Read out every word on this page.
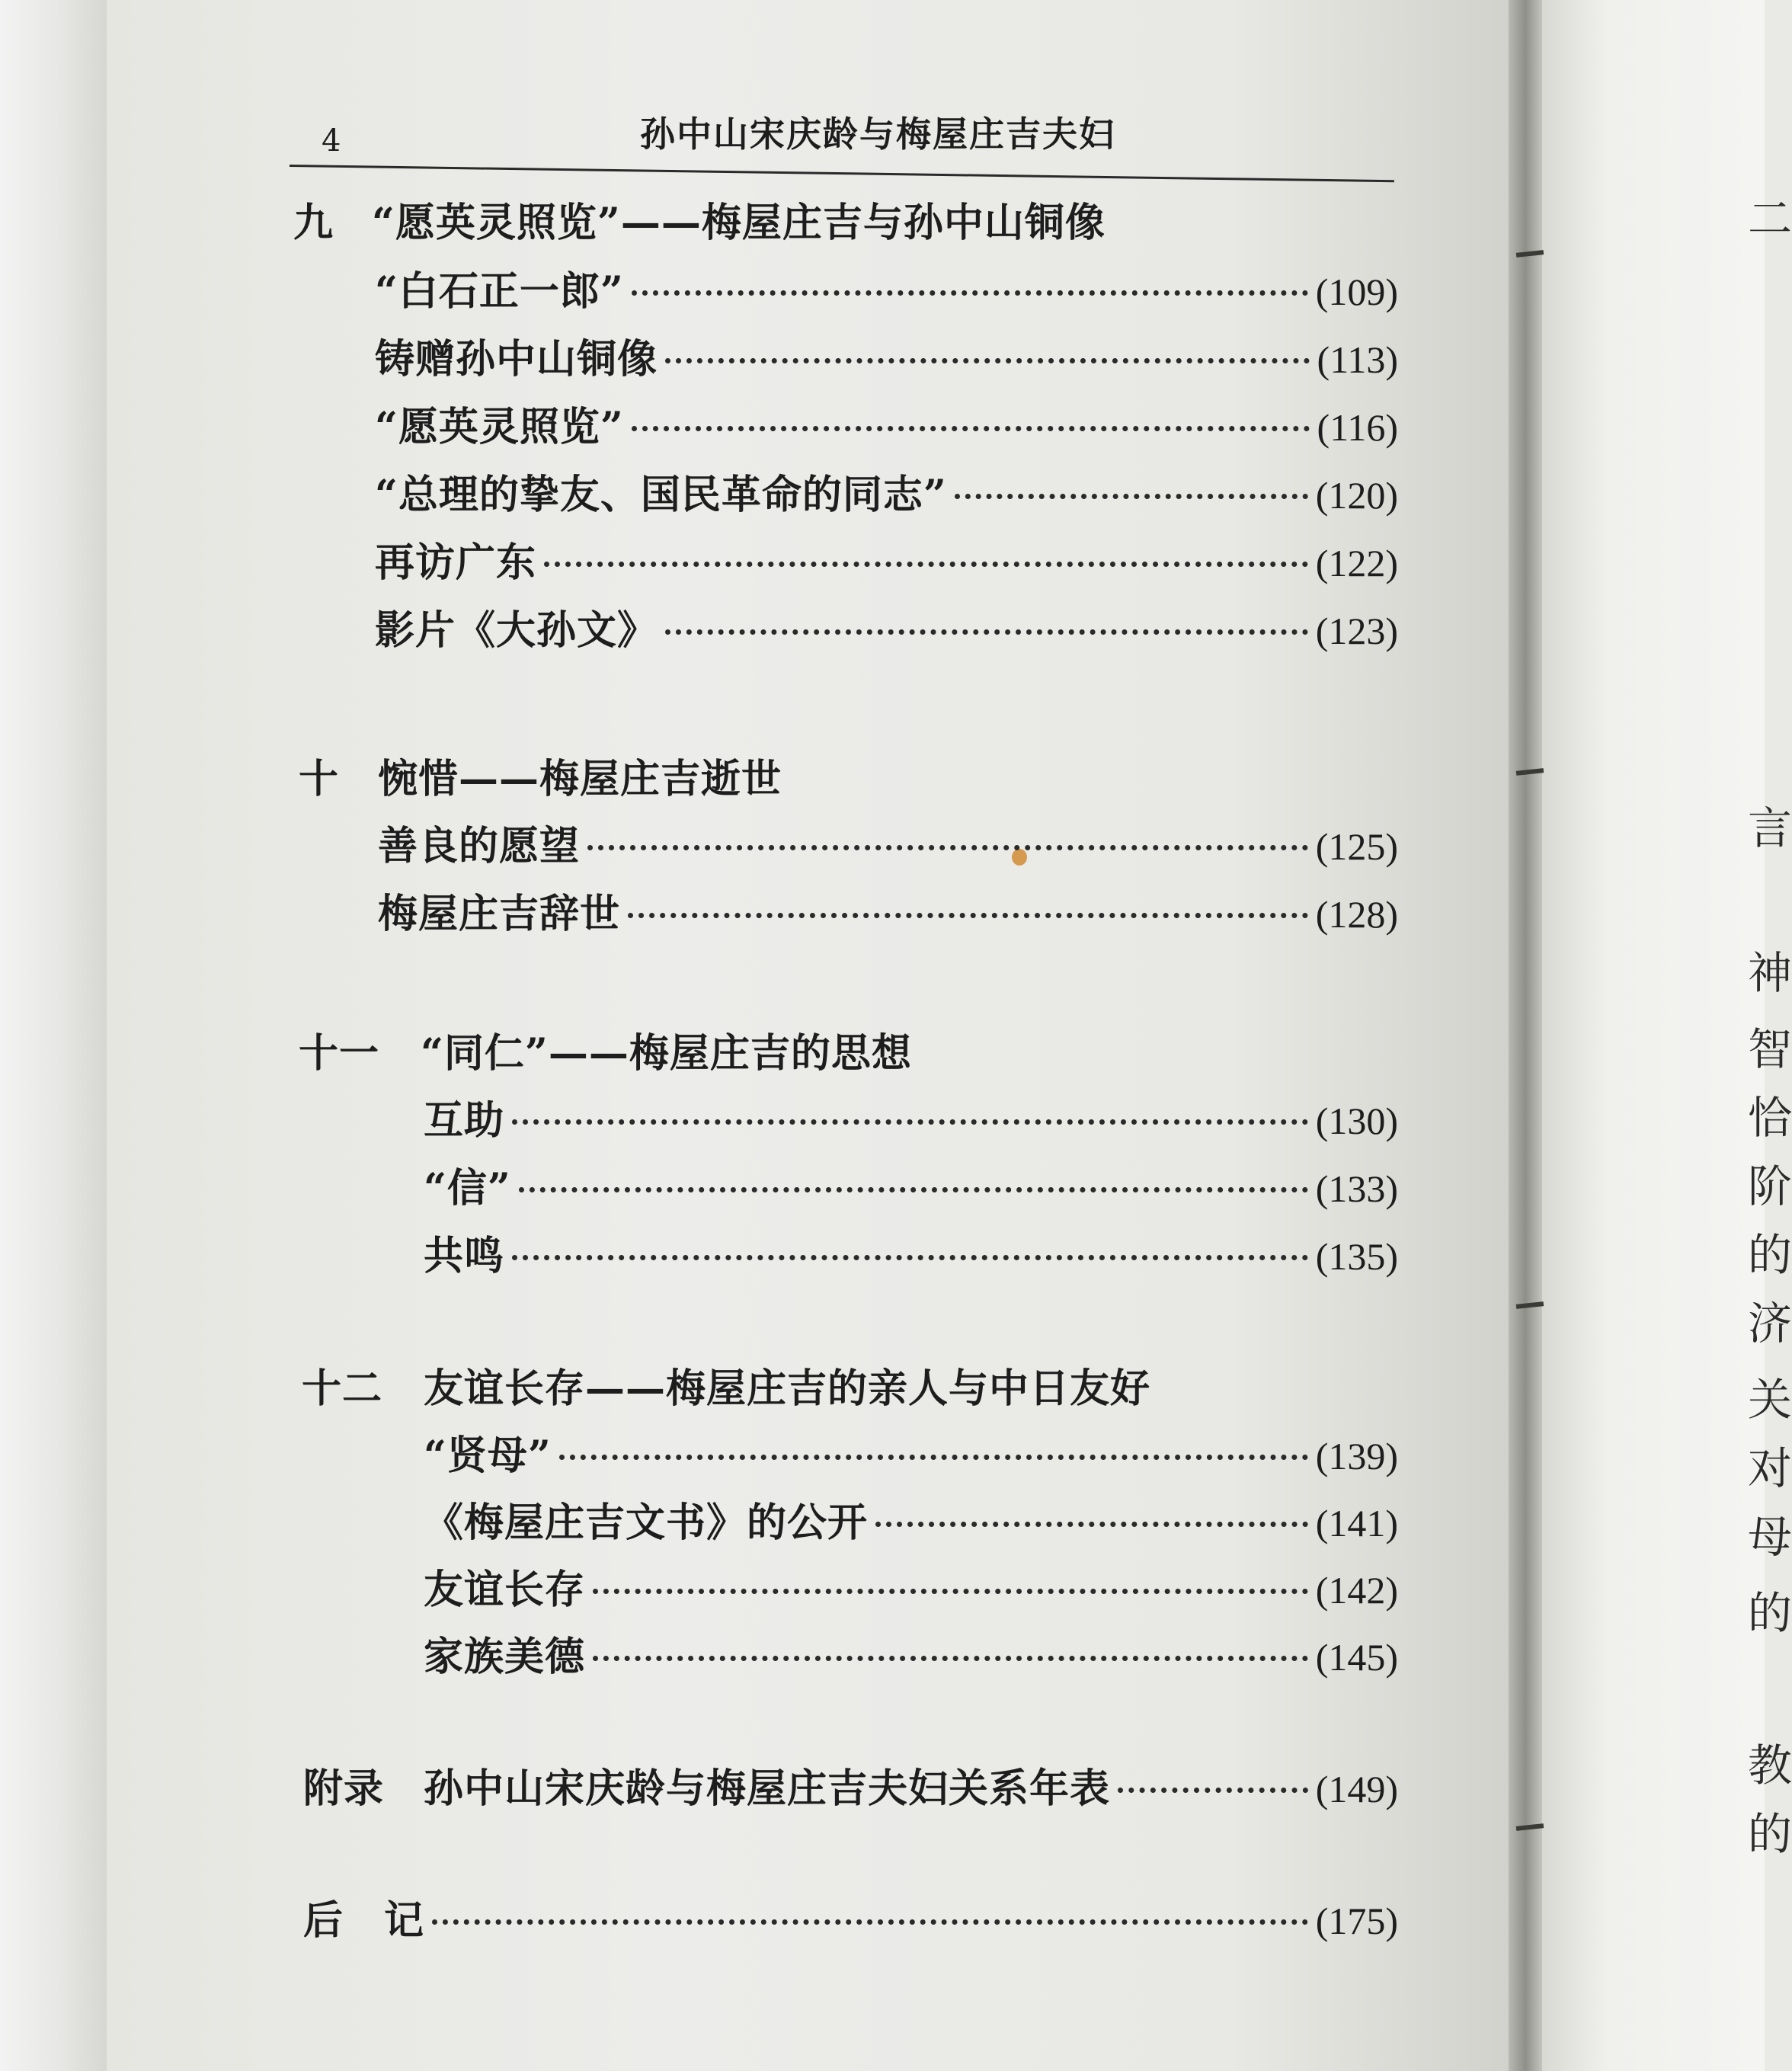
二
言
神
智
恰
阶
的
济
关
对
母
的
教
的
4	孙中山宋庆龄与梅屋庄吉夫妇
九 “愿英灵照览”——梅屋庄吉与孙中山铜像
“白石正一郎”	(109)
铸赠孙中山铜像	(113)
“愿英灵照览”	(116)
“总理的挚友、国民革命的同志”	(120)
再访广东	(122)
影片《大孙文》	(123)
十 惋惜——梅屋庄吉逝世
善良的愿望	(125)
梅屋庄吉辞世	(128)
十一 “同仁”——梅屋庄吉的思想
互助	(130)
“信”	(133)
共鸣	(135)
十二 友谊长存——梅屋庄吉的亲人与中日友好
“贤母”	(139)
《梅屋庄吉文书》的公开	(141)
友谊长存	(142)
家族美德	(145)
附录 孙中山宋庆龄与梅屋庄吉夫妇关系年表	(149)
后　记	(175)
